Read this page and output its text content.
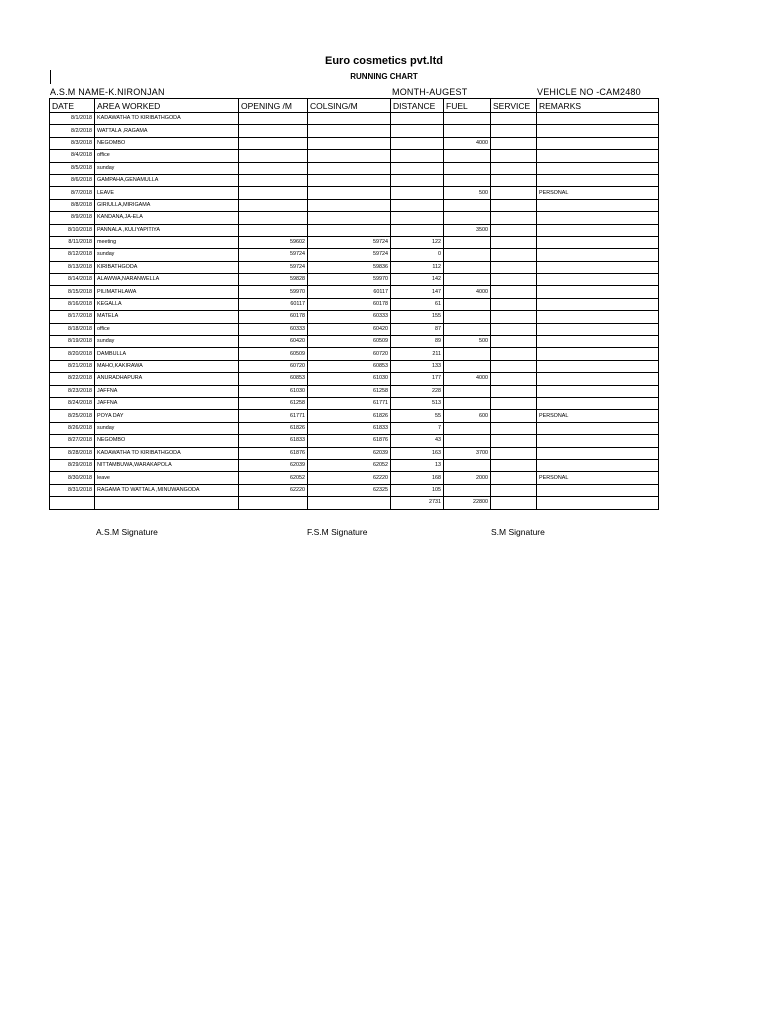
Euro cosmetics pvt.ltd
RUNNING CHART
A.S.M NAME-K.NIRONJAN	MONTH-AUGEST	VEHICLE NO -CAM2480
DATE	AREA WORKED	OPENING /M	COLSING/M	DISTANCE	FUEL	SERVICE	REMARKS
8/1/2018	KADAWATHA TO KIRIBATHGODA						
8/2/2018	WATTALA ,RAGAMA						
8/3/2018	NEGOMBO				4000		
8/4/2018	office						
8/5/2018	sunday						
8/6/2018	GAMPAHA,GENAMULLA						
8/7/2018	LEAVE				500		PERSONAL
8/8/2018	GIRIULLA,MIRIGAMA						
8/9/2018	KANDANA,JA-ELA						
8/10/2018	PANNALA ,KULIYAPITIYA				3500		
8/11/2018	meeting	59602	59724	122			
8/12/2018	sunday	59724	59724	0			
8/13/2018	KIRIBATHGODA	59724	59836	112			
8/14/2018	ALAWWA,NARANWELLA	59828	59970	142			
8/15/2018	PILIMATHLAWA	59970	60117	147	4000		
8/16/2018	KEGALLA	60117	60178	61			
8/17/2018	MATELA	60178	60333	155			
8/18/2018	office	60333	60420	87			
8/19/2018	sunday	60420	60509	89	500		
8/20/2018	DAMBULLA	60509	60720	211			
8/21/2018	MAHO,KAKIRAWA	60720	60853	133			
8/22/2018	ANURADHAPURA	60853	61030	177	4000		
8/23/2018	JAFFNA	61030	61258	228			
8/24/2018	JAFFNA	61258	61771	513			
8/25/2018	POYA DAY	61771	61826	55	600		PERSONAL
8/26/2018	sunday	61826	61833	7			
8/27/2018	NEGOMBO	61833	61876	43			
8/28/2018	KADAWATHA TO KIRIBATHGODA	61876	62039	163	3700		
8/29/2018	NITTAMBUWA,WARAKAPOLA	62039	62052	13			
8/30/2018	leave	62052	62220	168	2000		PERSONAL
8/31/2018	RAGAMA TO WATTALA ,MINUWANGODA	62220	62325	105			
				2731	22800		
A.S.M Signature	F.S.M Signature	S.M Signature
